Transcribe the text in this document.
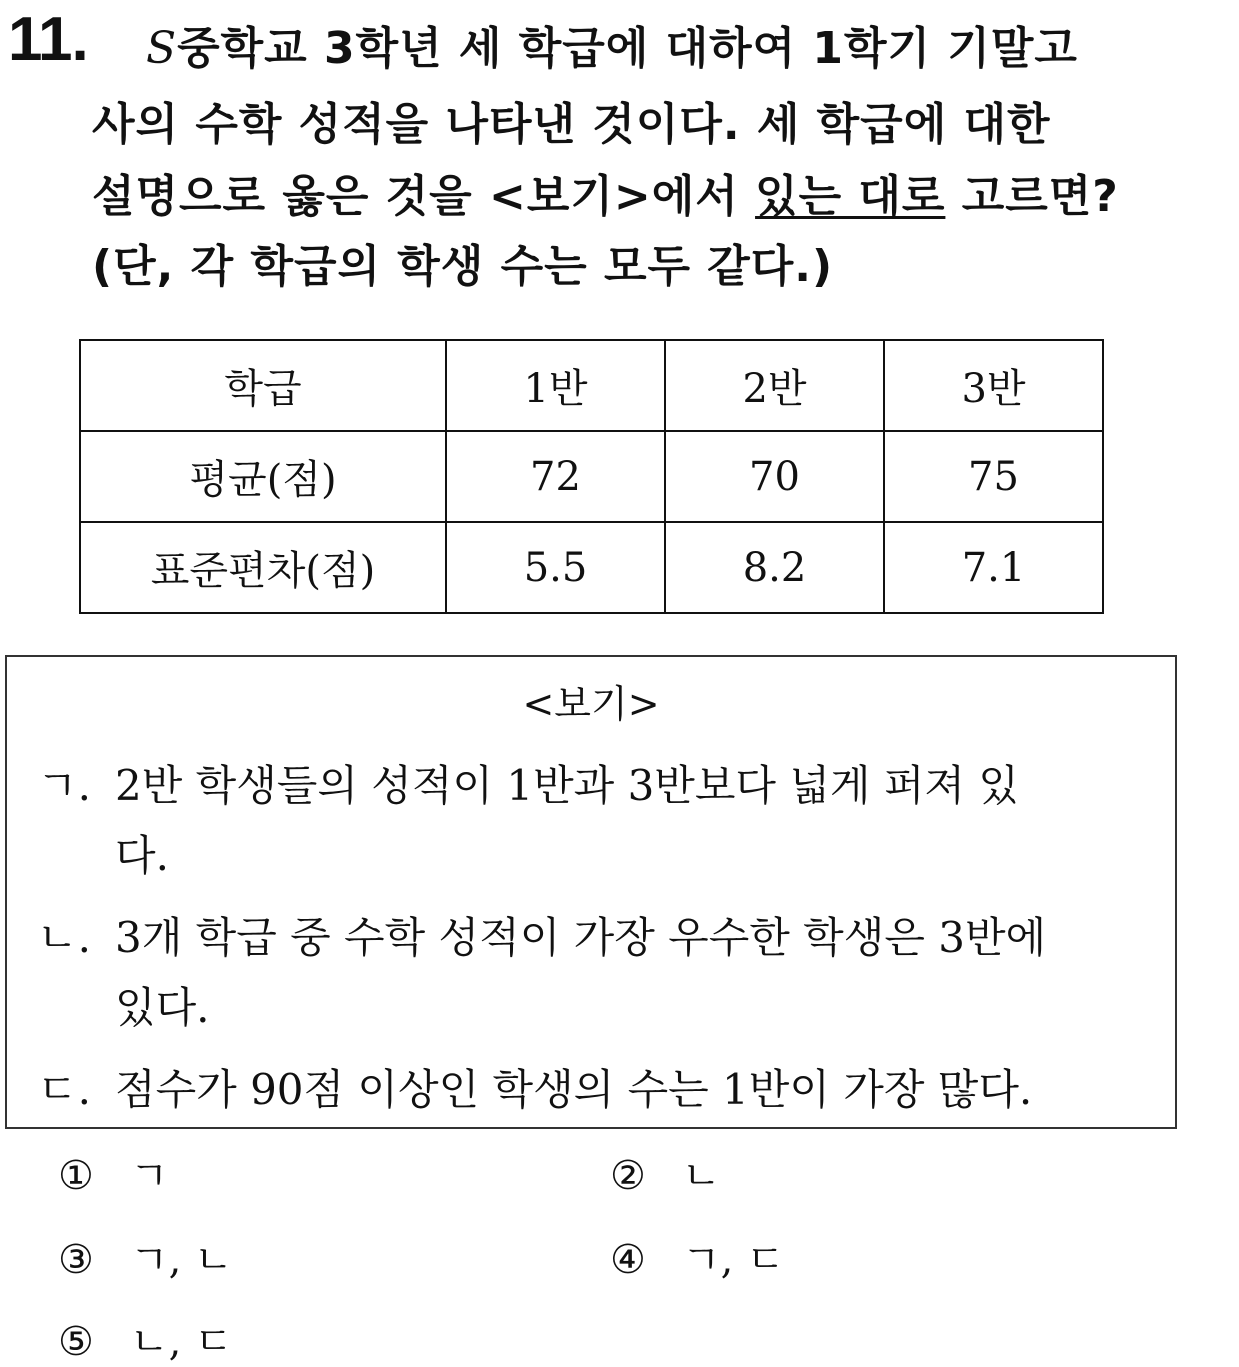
11. S중학교 3학년 세 학급에 대하여 1학기 기말고
사의 수학 성적을 나타낸 것이다. 세 학급에 대한
설명으로 옳은 것을 <보기>에서 있는 대로 고르면?
(단, 각 학급의 학생 수는 모두 같다.)
학급	1반	2반	3반
평균(점)	72	70	75
표준편차(점)	5.5	8.2	7.1
<보기>
ㄱ. 2반 학생들의 성적이 1반과 3반보다 넓게 퍼져 있
다.
ㄴ. 3개 학급 중 수학 성적이 가장 우수한 학생은 3반에
있다.
ㄷ. 점수가 90점 이상인 학생의 수는 1반이 가장 많다.
① ㄱ	② ㄴ
③ ㄱ, ㄴ	④ ㄱ, ㄷ
⑤ ㄴ, ㄷ
